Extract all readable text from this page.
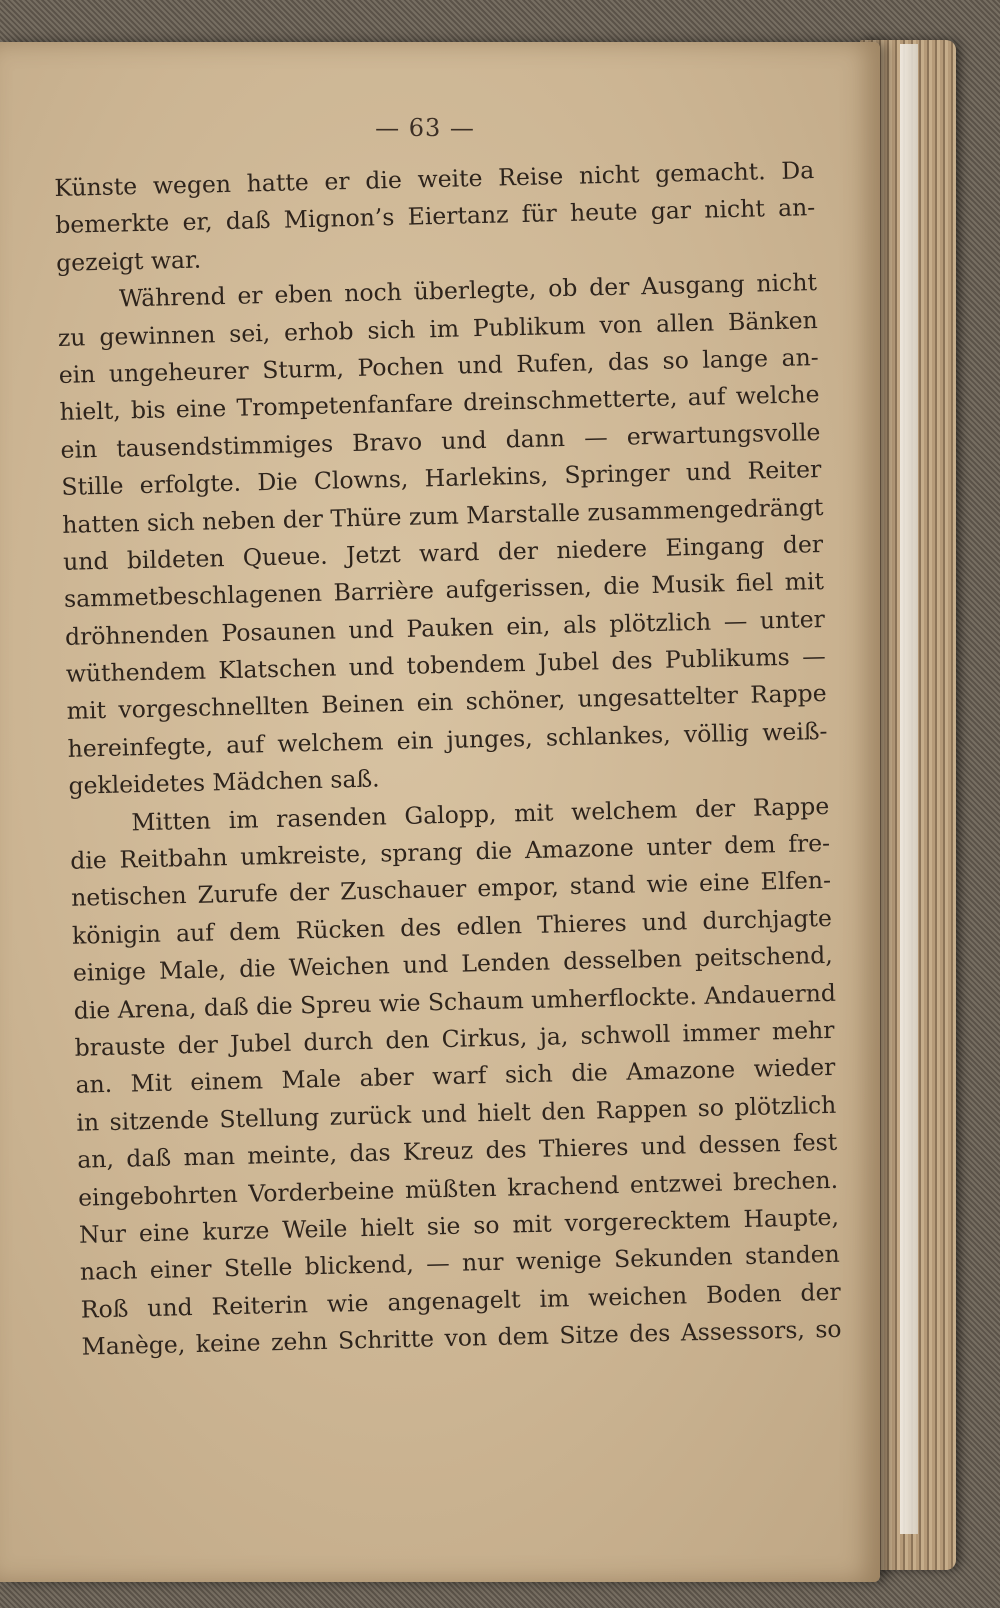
— 63 —
Künste wegen hatte er die weite Reise nicht gemacht. Da
bemerkte er, daß Mignon’s Eiertanz für heute gar nicht an-
gezeigt war.
Während er eben noch überlegte, ob der Ausgang nicht
zu gewinnen sei, erhob sich im Publikum von allen Bänken
ein ungeheurer Sturm, Pochen und Rufen, das so lange an-
hielt, bis eine Trompetenfanfare dreinschmetterte, auf welche
ein tausendstimmiges Bravo und dann — erwartungsvolle
Stille erfolgte. Die Clowns, Harlekins, Springer und Reiter
hatten sich neben der Thüre zum Marstalle zusammengedrängt
und bildeten Queue. Jetzt ward der niedere Eingang der
sammetbeschlagenen Barrière aufgerissen, die Musik fiel mit
dröhnenden Posaunen und Pauken ein, als plötzlich — unter
wüthendem Klatschen und tobendem Jubel des Publikums —
mit vorgeschnellten Beinen ein schöner, ungesattelter Rappe
hereinfegte, auf welchem ein junges, schlankes, völlig weiß-
gekleidetes Mädchen saß.
Mitten im rasenden Galopp, mit welchem der Rappe
die Reitbahn umkreiste, sprang die Amazone unter dem fre-
netischen Zurufe der Zuschauer empor, stand wie eine Elfen-
königin auf dem Rücken des edlen Thieres und durchjagte
einige Male, die Weichen und Lenden desselben peitschend,
die Arena, daß die Spreu wie Schaum umherflockte. Andauernd
brauste der Jubel durch den Cirkus, ja, schwoll immer mehr
an. Mit einem Male aber warf sich die Amazone wieder
in sitzende Stellung zurück und hielt den Rappen so plötzlich
an, daß man meinte, das Kreuz des Thieres und dessen fest
eingebohrten Vorderbeine müßten krachend entzwei brechen.
Nur eine kurze Weile hielt sie so mit vorgerecktem Haupte,
nach einer Stelle blickend, — nur wenige Sekunden standen
Roß und Reiterin wie angenagelt im weichen Boden der
Manège, keine zehn Schritte von dem Sitze des Assessors, so
